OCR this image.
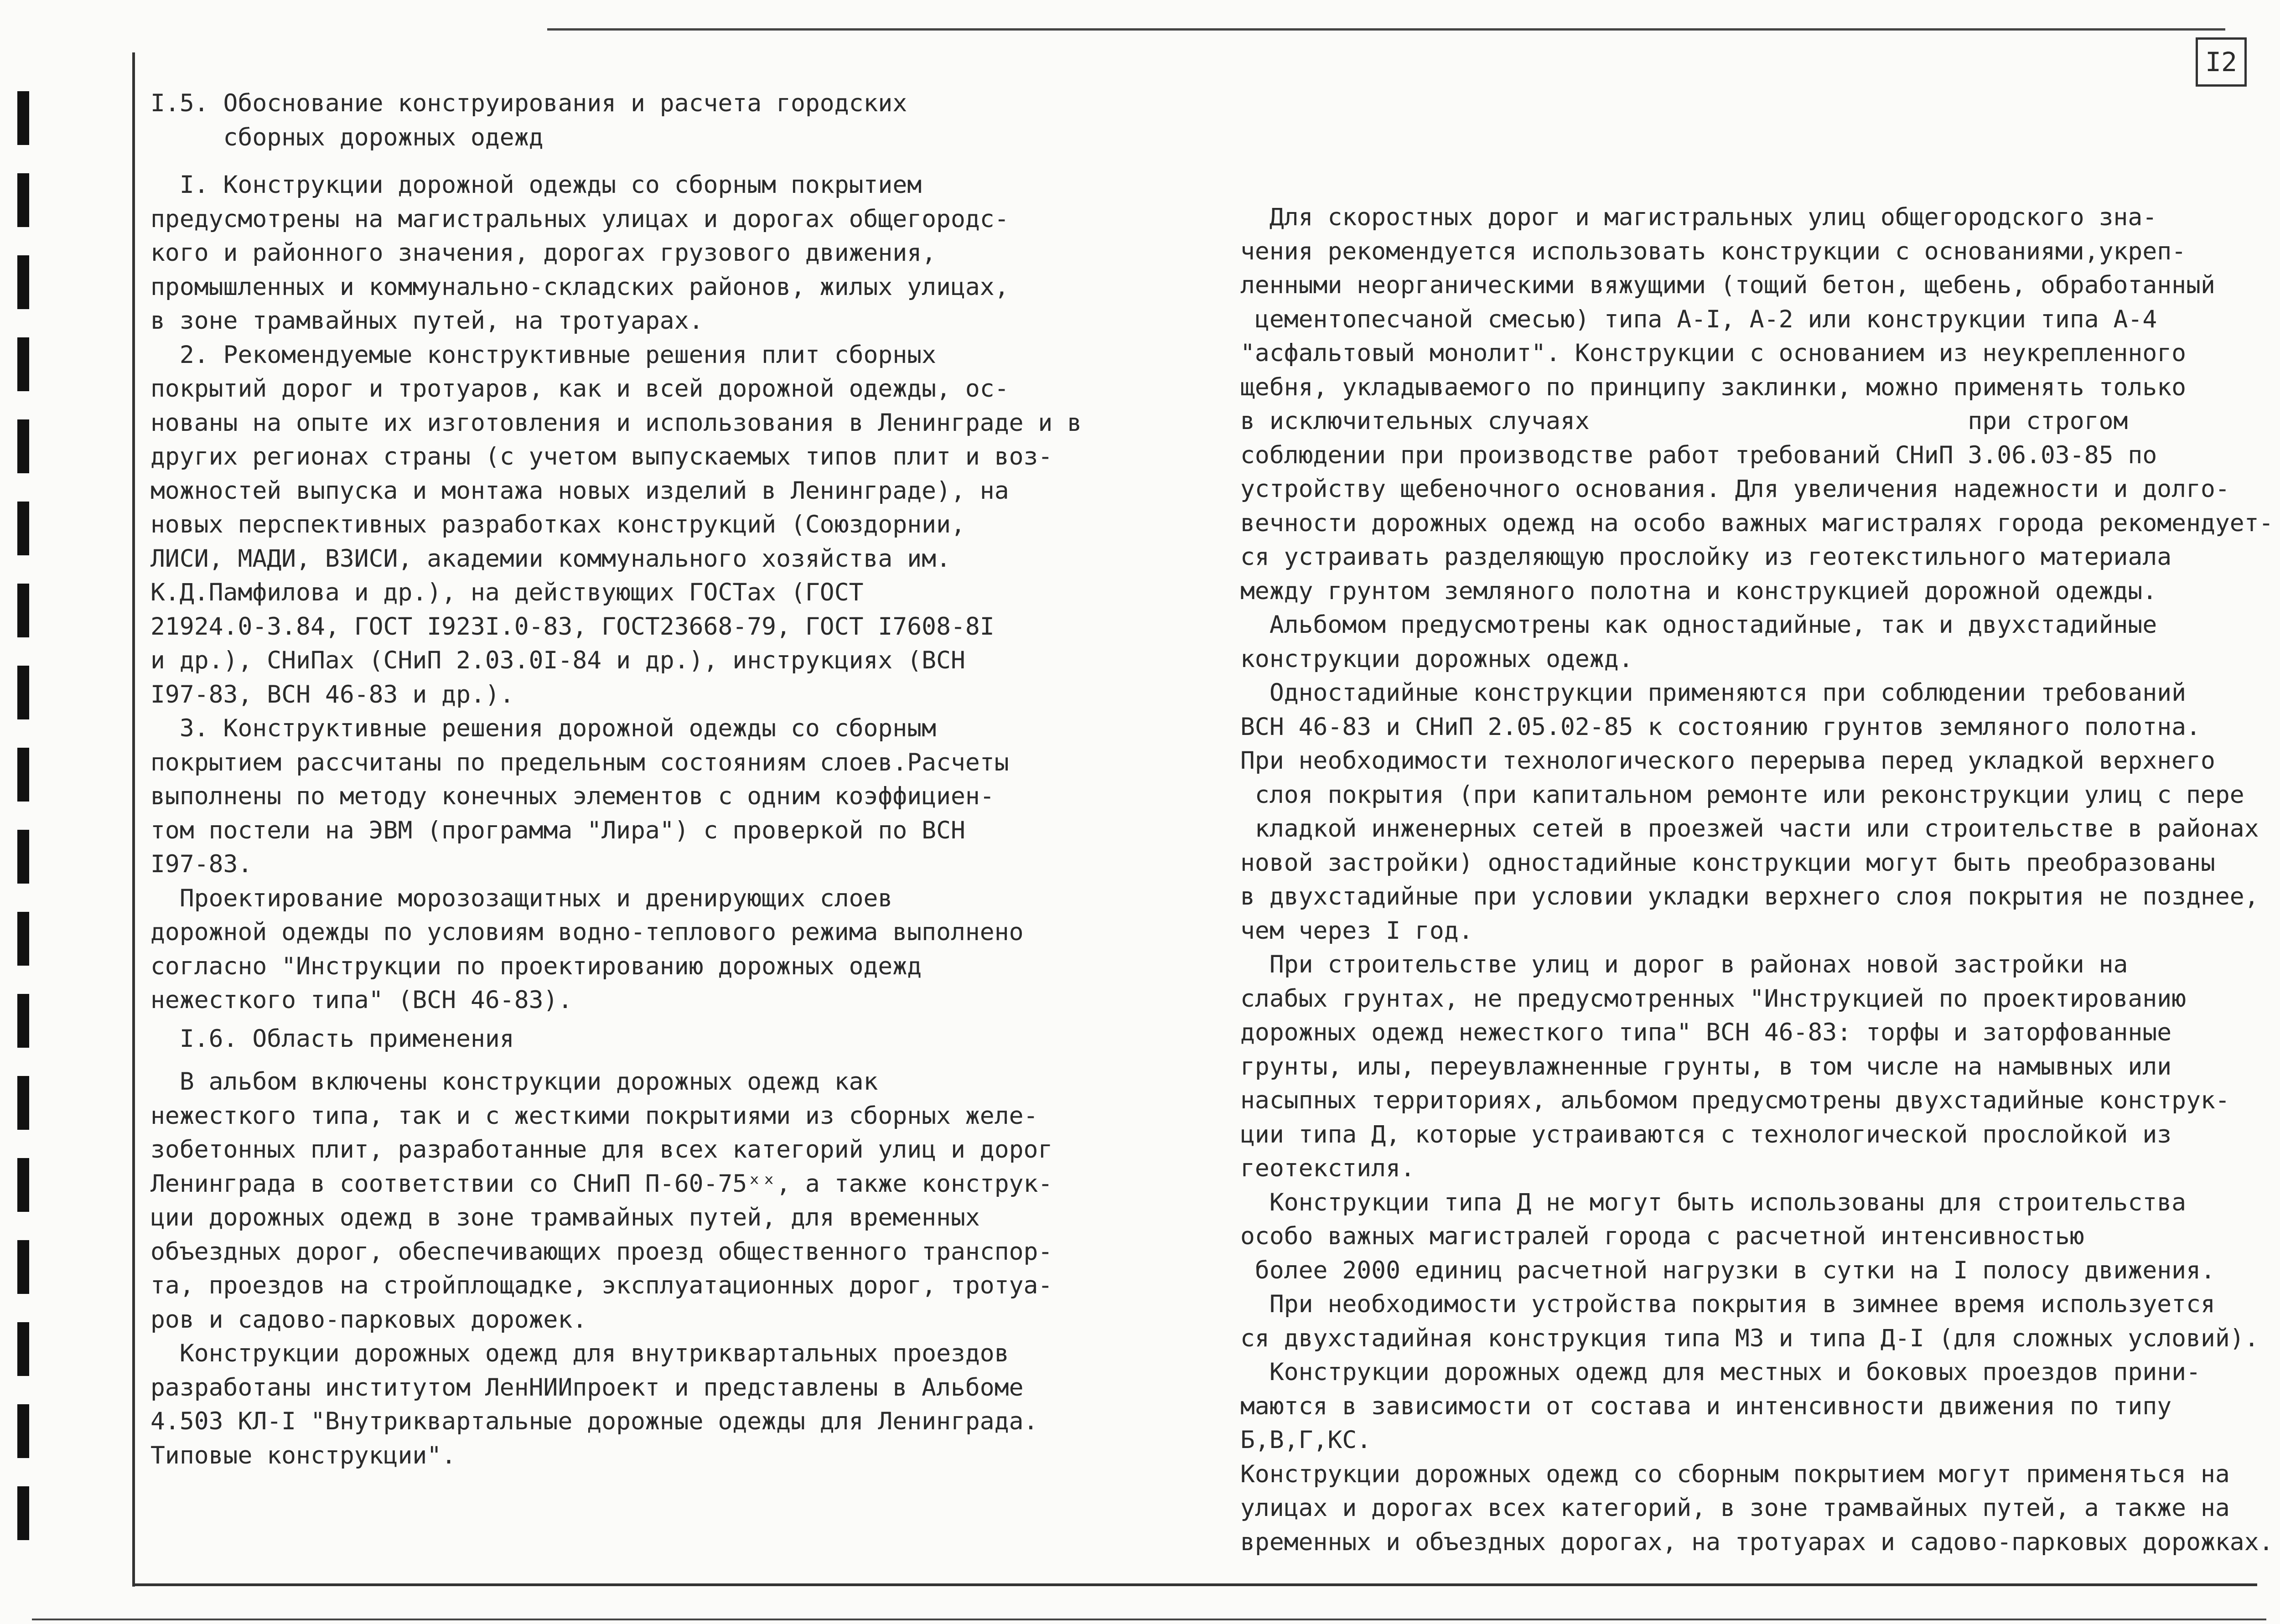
I2
I.5. Обоснование конструирования и расчета городских
сборных дорожных одежд
I. Конструкции дорожной одежды со сборным покрытием
предусмотрены на магистральных улицах и дорогах общегородс-
кого и районного значения, дорогах грузового движения,
промышленных и коммунально-складских районов, жилых улицах,
в зоне трамвайных путей, на тротуарах.
2. Рекомендуемые конструктивные решения плит сборных
покрытий дорог и тротуаров, как и всей дорожной одежды, ос-
нованы на опыте их изготовления и использования в Ленинграде и в
других регионах страны (с учетом выпускаемых типов плит и воз-
можностей выпуска и монтажа новых изделий в Ленинграде), на
новых перспективных разработках конструкций (Союздорнии,
ЛИСИ, МАДИ, ВЗИСИ, академии коммунального хозяйства им.
К.Д.Памфилова и др.), на действующих ГОСТах (ГОСТ
21924.0-3.84, ГОСТ I923I.0-83, ГОСТ23668-79, ГОСТ I7608-8I
и др.), СНиПах (СНиП 2.03.0I-84 и др.), инструкциях (ВСН
I97-83, ВСН 46-83 и др.).
3. Конструктивные решения дорожной одежды со сборным
покрытием рассчитаны по предельным состояниям слоев.Расчеты
выполнены по методу конечных элементов с одним коэффициен-
том постели на ЭВМ (программа "Лира") с проверкой по ВСН
I97-83.
Проектирование морозозащитных и дренирующих слоев
дорожной одежды по условиям водно-теплового режима выполнено
согласно "Инструкции по проектированию дорожных одежд
нежесткого типа" (ВСН 46-83).
I.6. Область применения
В альбом включены конструкции дорожных одежд как
нежесткого типа, так и с жесткими покрытиями из сборных желе-
зобетонных плит, разработанные для всех категорий улиц и дорог
Ленинграда в соответствии со СНиП П-60-75ˣˣ, а также конструк-
ции дорожных одежд в зоне трамвайных путей, для временных
объездных дорог, обеспечивающих проезд общественного транспор-
та, проездов на стройплощадке, эксплуатационных дорог, тротуа-
ров и садово-парковых дорожек.
Конструкции дорожных одежд для внутриквартальных проездов
разработаны институтом ЛенНИИпроект и представлены в Альбоме
4.503 КЛ-I "Внутриквартальные дорожные одежды для Ленинграда.
Типовые конструкции".
Для скоростных дорог и магистральных улиц общегородского зна-
чения рекомендуется использовать конструкции с основаниями,укреп-
ленными неорганическими вяжущими (тощий бетон, щебень, обработанный
цементопесчаной смесью) типа А-I, А-2 или конструкции типа А-4
"асфальтовый монолит". Конструкции с основанием из неукрепленного
щебня, укладываемого по принципу заклинки, можно применять только
в исключительных случаях                          при строгом
соблюдении при производстве работ требований СНиП 3.06.03-85 по
устройству щебеночного основания. Для увеличения надежности и долго-
вечности дорожных одежд на особо важных магистралях города рекомендует-
ся устраивать разделяющую прослойку из геотекстильного материала
между грунтом земляного полотна и конструкцией дорожной одежды.
Альбомом предусмотрены как одностадийные, так и двухстадийные
конструкции дорожных одежд.
Одностадийные конструкции применяются при соблюдении требований
ВСН 46-83 и СНиП 2.05.02-85 к состоянию грунтов земляного полотна.
При необходимости технологического перерыва перед укладкой верхнего
слоя покрытия (при капитальном ремонте или реконструкции улиц с пере
кладкой инженерных сетей в проезжей части или строительстве в районах
новой застройки) одностадийные конструкции могут быть преобразованы
в двухстадийные при условии укладки верхнего слоя покрытия не позднее,
чем через I год.
При строительстве улиц и дорог в районах новой застройки на
слабых грунтах, не предусмотренных "Инструкцией по проектированию
дорожных одежд нежесткого типа" ВСН 46-83: торфы и заторфованные
грунты, илы, переувлажненные грунты, в том числе на намывных или
насыпных территориях, альбомом предусмотрены двухстадийные конструк-
ции типа Д, которые устраиваются с технологической прослойкой из
геотекстиля.
Конструкции типа Д не могут быть использованы для строительства
особо важных магистралей города с расчетной интенсивностью
более 2000 единиц расчетной нагрузки в сутки на I полосу движения.
При необходимости устройства покрытия в зимнее время используется
ся двухстадийная конструкция типа МЗ и типа Д-I (для сложных условий).
Конструкции дорожных одежд для местных и боковых проездов прини-
маются в зависимости от состава и интенсивности движения по типу
Б,В,Г,КС.
Конструкции дорожных одежд со сборным покрытием могут применяться на
улицах и дорогах всех категорий, в зоне трамвайных путей, а также на
временных и объездных дорогах, на тротуарах и садово-парковых дорожках.
